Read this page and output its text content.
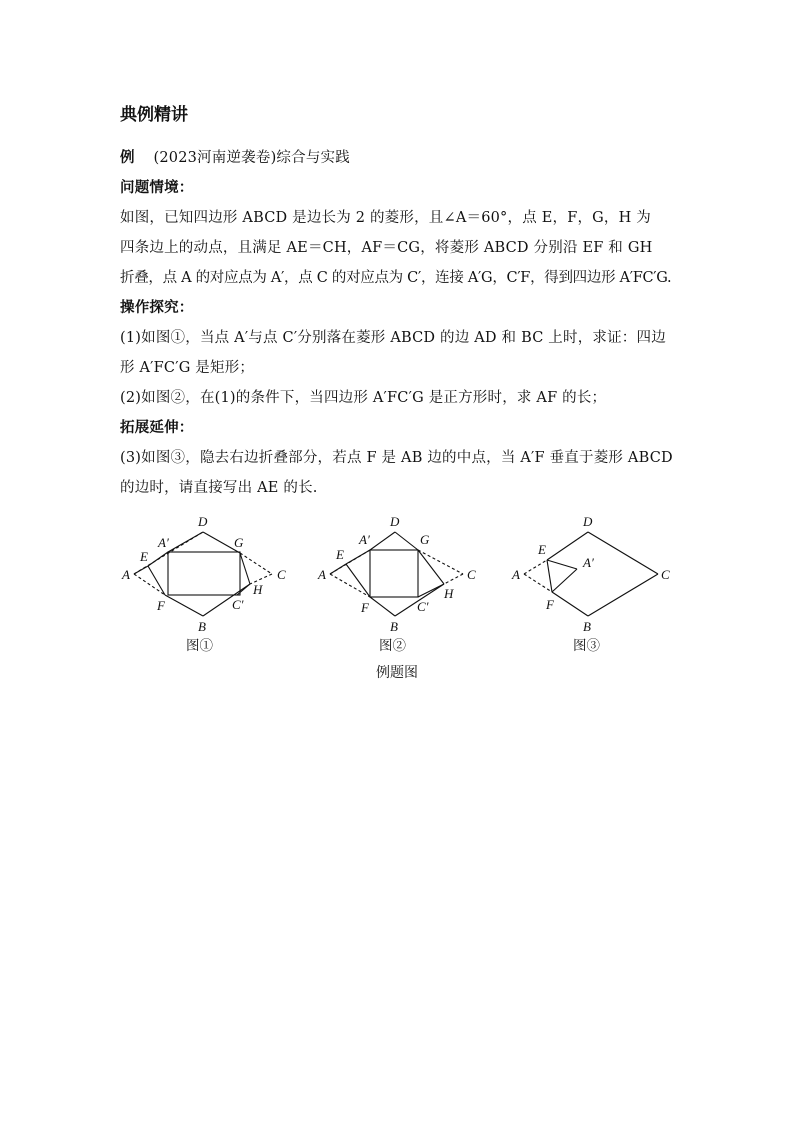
典例精讲

例 (2023河南逆袭卷)综合与实践

问题情境：

如图，已知四边形 ABCD 是边长为 2 的菱形，且∠A＝60°，点 E，F，G，H 为

四条边上的动点，且满足 AE＝CH，AF＝CG，将菱形 ABCD 分别沿 EF 和 GH

折叠，点 A 的对应点为 A′，点 C 的对应点为 C′，连接 A′G，C′F，得到四边形 A′FC′G.

操作探究：

(1)如图①，当点 A′与点 C′分别落在菱形 ABCD 的边 AD 和 BC 上时，求证：四边

形 A′FC′G 是矩形；

(2)如图②，在(1)的条件下，当四边形 A′FC′G 是正方形时，求 AF 的长；

拓展延伸：

(3)如图③，隐去右边折叠部分，若点 F 是 AB 边的中点，当 A′F 垂直于菱形 ABCD

的边时，请直接写出 AE 的长.

A
D
B
C
E
F
G
H
A′
C′
A
D
B
C
E
F
G
H
A′
C′
A
D
B
C
E
F
A′
图①	图②	图③
例题图
